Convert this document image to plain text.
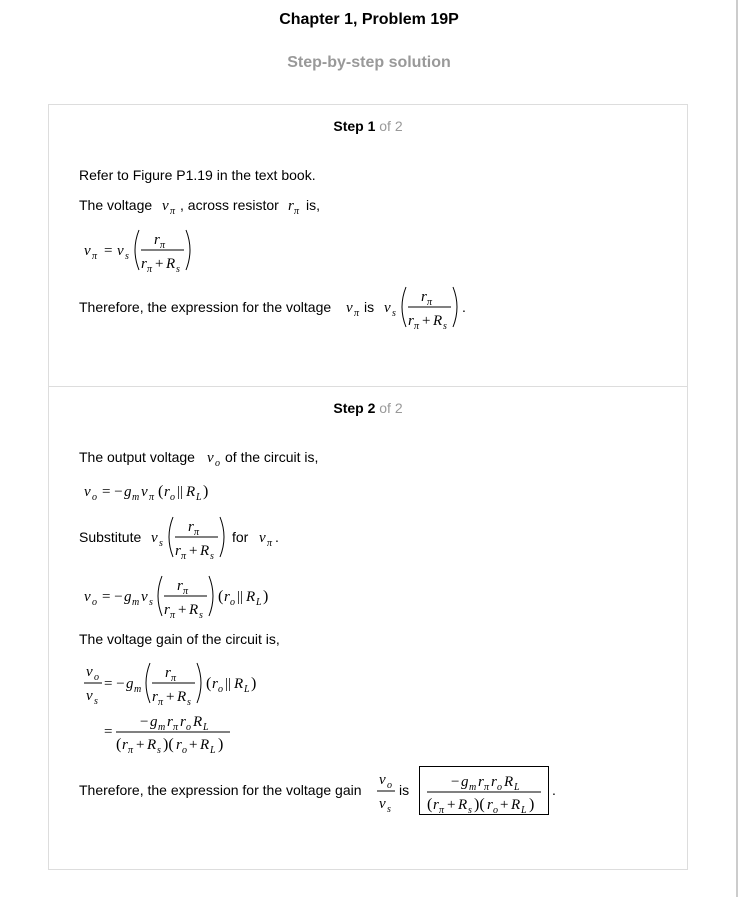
Chapter 1, Problem 19P
Step-by-step solution
Step 1 of 2
Refer to Figure P1.19 in the text book.
The voltage v π , across resistor r π is,
v π = v s
r π
r π + R s
Therefore, the expression for the voltage v π is v s
r π
r π + R s
.
Step 2 of 2
The output voltage v o of the circuit is,
v o = − g m v π ( r o || R L )
Substitute v s
r π
r π + R s
for v π .
v o = − g m v s
r π
r π + R s
( r o || R L )
The voltage gain of the circuit is,
v o
v s
= − g m
r π
r π + R s
( r o || R L )
=
− g m r π r o R L
( r π + R s )( r o + R L )
Therefore, the expression for the voltage gain
v o
v s
is	− g m r π r o R L
( r π + R s )( r o + R L )
.
